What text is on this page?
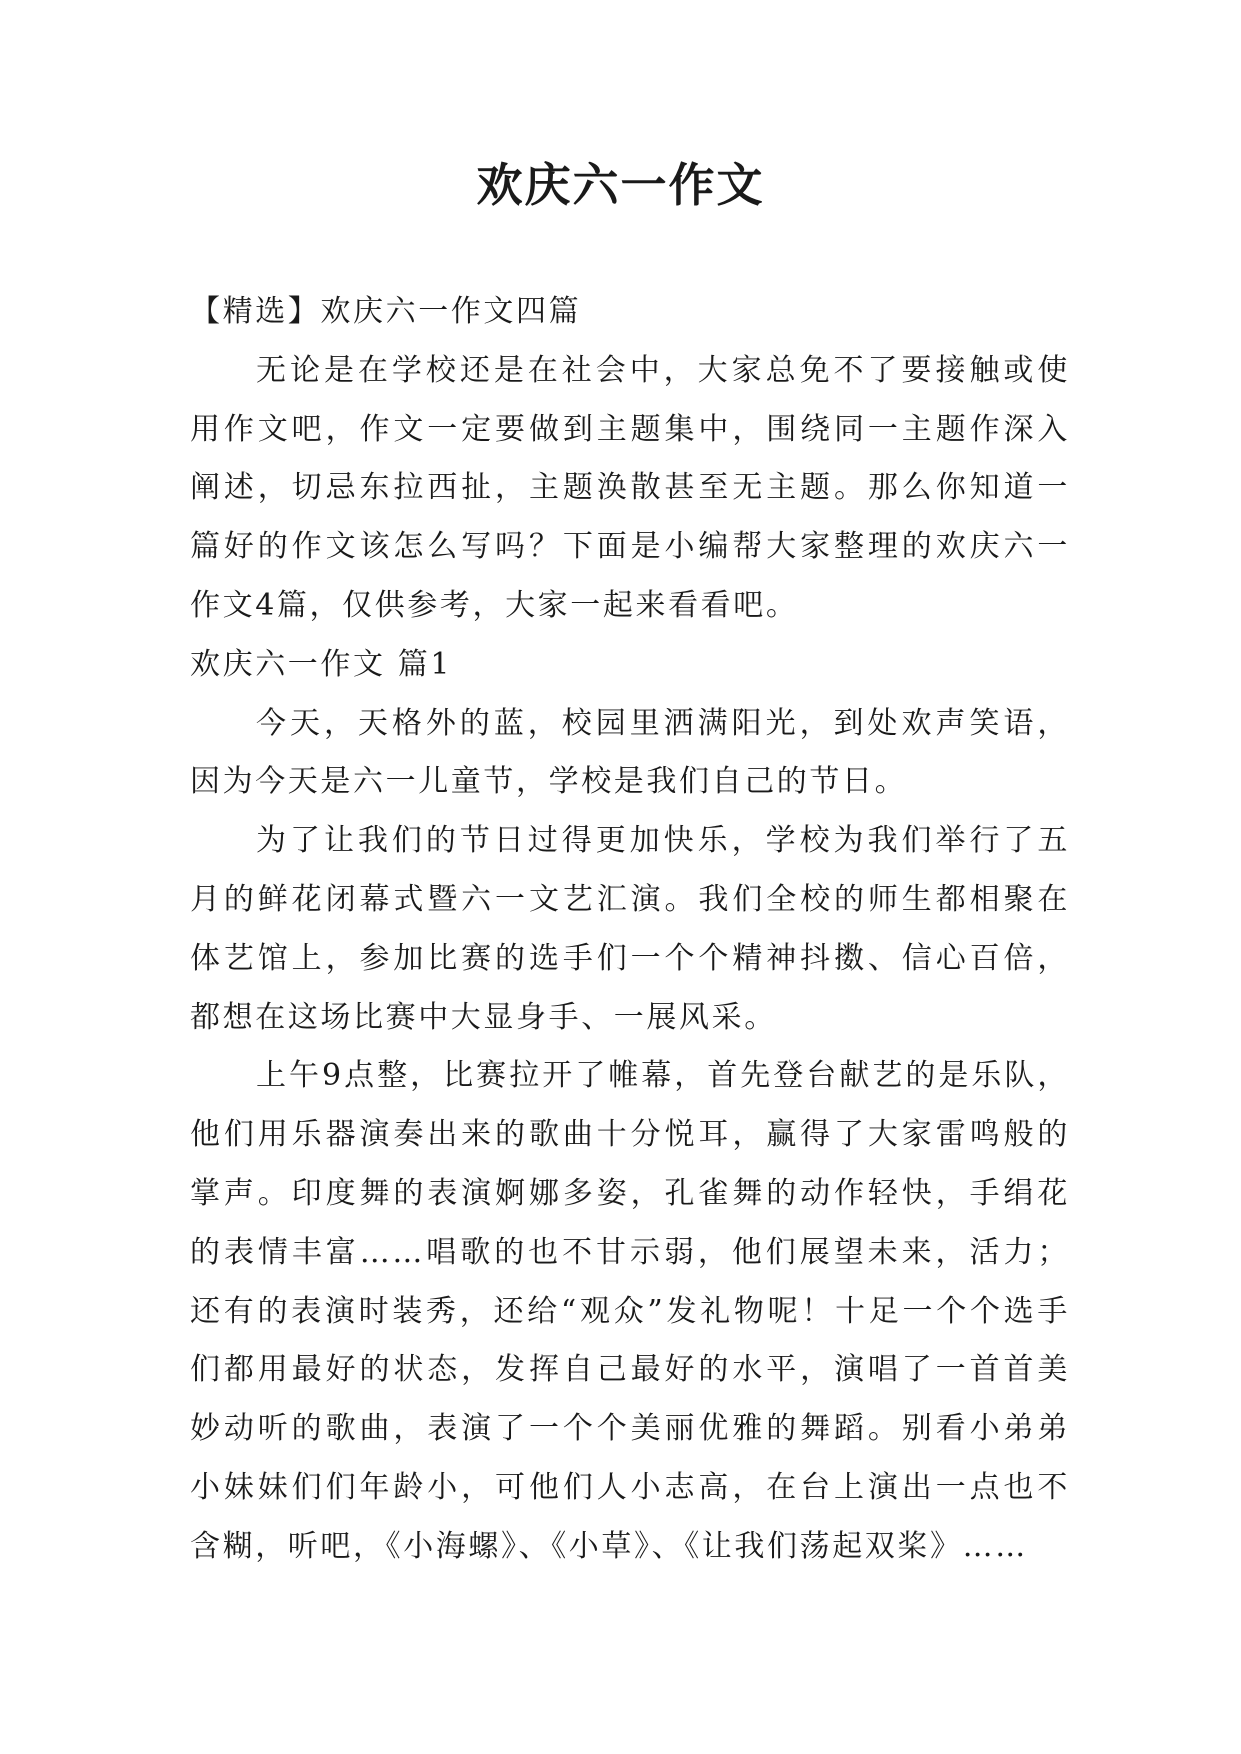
欢庆六一作文

【精选】欢庆六一作文四篇

无论是在学校还是在社会中，大家总免不了要接触或使用作文吧，作文一定要做到主题集中，围绕同一主题作深入阐述，切忌东拉西扯，主题涣散甚至无主题。那么你知道一篇好的作文该怎么写吗？下面是小编帮大家整理的欢庆六一作文4篇，仅供参考，大家一起来看看吧。

欢庆六一作文 篇1

今天，天格外的蓝，校园里洒满阳光，到处欢声笑语，因为今天是六一儿童节，学校是我们自己的节日。

为了让我们的节日过得更加快乐，学校为我们举行了五月的鲜花闭幕式暨六一文艺汇演。我们全校的师生都相聚在体艺馆上，参加比赛的选手们一个个精神抖擞、信心百倍，都想在这场比赛中大显身手、一展风采。

上午9点整，比赛拉开了帷幕，首先登台献艺的是乐队，他们用乐器演奏出来的歌曲十分悦耳，赢得了大家雷鸣般的掌声。印度舞的表演婀娜多姿，孔雀舞的动作轻快，手绢花的表情丰富……唱歌的也不甘示弱，他们展望未来，活力；还有的表演时装秀，还给“观众”发礼物呢！十足一个个选手们都用最好的状态，发挥自己最好的水平，演唱了一首首美妙动听的歌曲，表演了一个个美丽优雅的舞蹈。别看小弟弟小妹妹们们年龄小，可他们人小志高，在台上演出一点也不含糊，听吧，《小海螺》、《小草》、《让我们荡起双桨》……
